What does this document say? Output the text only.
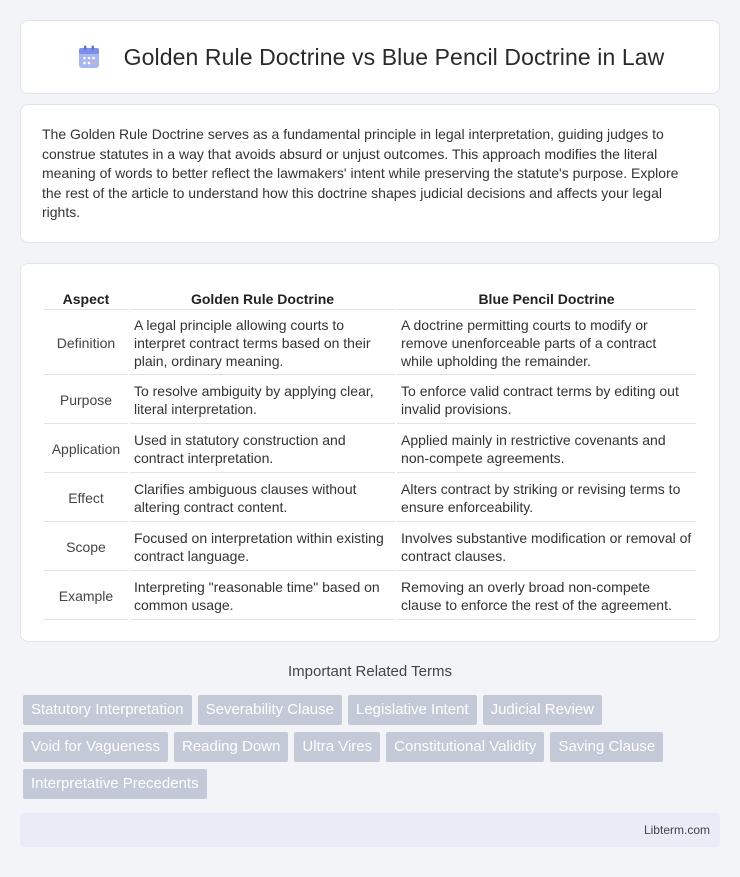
Golden Rule Doctrine vs Blue Pencil Doctrine in Law

The Golden Rule Doctrine serves as a fundamental principle in legal interpretation, guiding judges to construe statutes in a way that avoids absurd or unjust outcomes. This approach modifies the literal meaning of words to better reflect the lawmakers' intent while preserving the statute's purpose. Explore the rest of the article to understand how this doctrine shapes judicial decisions and affects your legal rights.

Aspect	Golden Rule Doctrine	Blue Pencil Doctrine
Definition	A legal principle allowing courts to interpret contract terms based on their plain, ordinary meaning.	A doctrine permitting courts to modify or remove unenforceable parts of a contract while upholding the remainder.
Purpose	To resolve ambiguity by applying clear, literal interpretation.	To enforce valid contract terms by editing out invalid provisions.
Application	Used in statutory construction and contract interpretation.	Applied mainly in restrictive covenants and non-compete agreements.
Effect	Clarifies ambiguous clauses without altering contract content.	Alters contract by striking or revising terms to ensure enforceability.
Scope	Focused on interpretation within existing contract language.	Involves substantive modification or removal of contract clauses.
Example	Interpreting "reasonable time" based on common usage.	Removing an overly broad non-compete clause to enforce the rest of the agreement.
Important Related Terms
Statutory Interpretation	Severability Clause	Legislative Intent	Judicial Review
Void for Vagueness	Reading Down	Ultra Vires	Constitutional Validity	Saving Clause
Interpretative Precedents
Libterm.com
